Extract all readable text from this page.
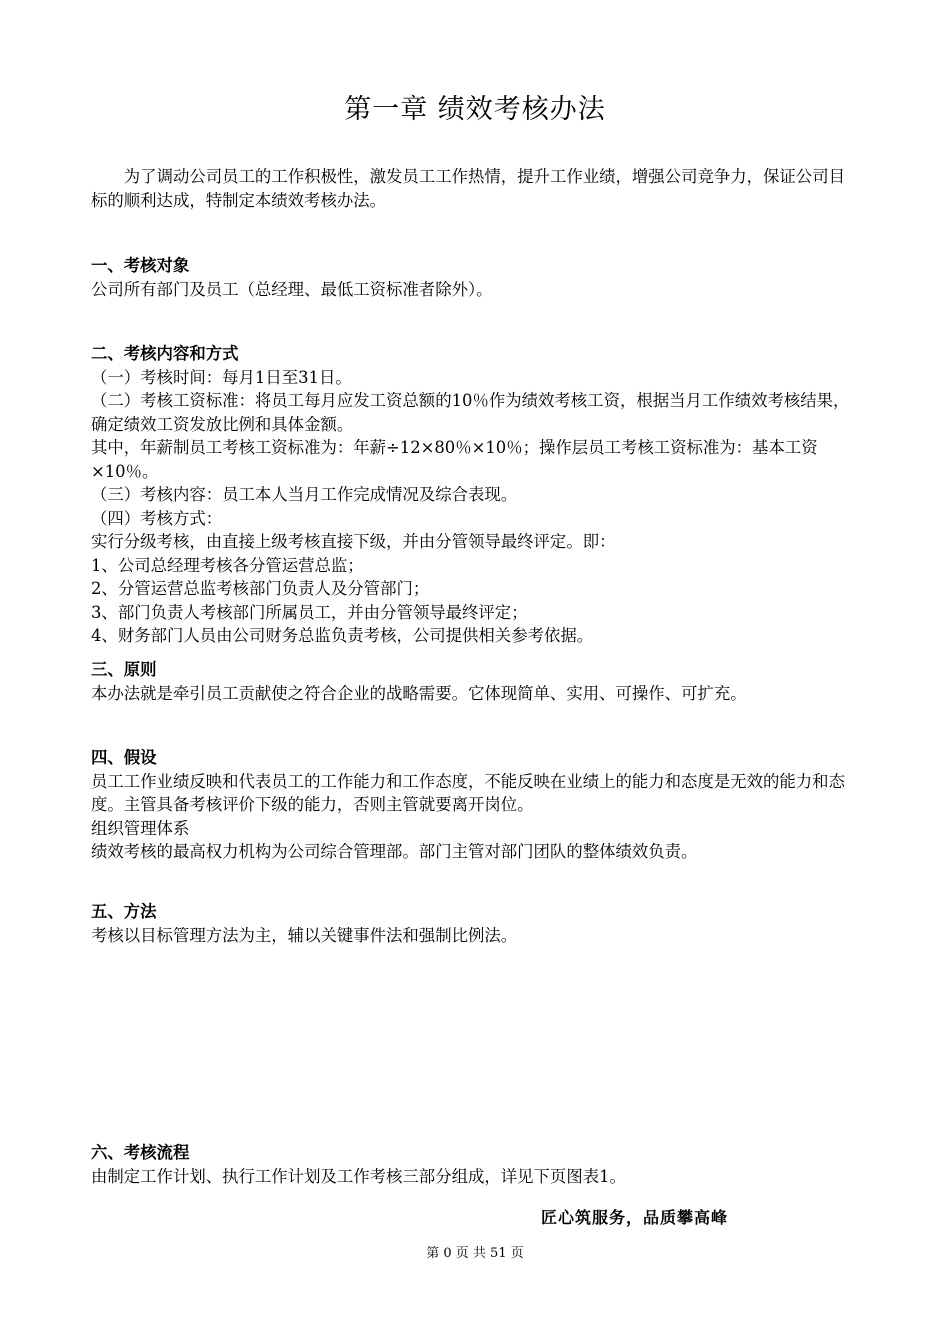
第一章 绩效考核办法

为了调动公司员工的工作积极性，激发员工工作热情，提升工作业绩，增强公司竞争力，保证公司目标的顺利达成，特制定本绩效考核办法。

一、考核对象

公司所有部门及员工（总经理、最低工资标准者除外）。

二、考核内容和方式

（一）考核时间：每月1日至31日。

（二）考核工资标准：将员工每月应发工资总额的10％作为绩效考核工资，根据当月工作绩效考核结果，确定绩效工资发放比例和具体金额。

其中，年薪制员工考核工资标准为：年薪÷12×80％×10％；操作层员工考核工资标准为：基本工资×10％。

（三）考核内容：员工本人当月工作完成情况及综合表现。

（四）考核方式：

实行分级考核，由直接上级考核直接下级，并由分管领导最终评定。即：

1、公司总经理考核各分管运营总监；

2、分管运营总监考核部门负责人及分管部门；

3、部门负责人考核部门所属员工，并由分管领导最终评定；

4、财务部门人员由公司财务总监负责考核，公司提供相关参考依据。

三、原则

本办法就是牵引员工贡献使之符合企业的战略需要。它体现简单、实用、可操作、可扩充。

四、假设

员工工作业绩反映和代表员工的工作能力和工作态度，不能反映在业绩上的能力和态度是无效的能力和态度。主管具备考核评价下级的能力，否则主管就要离开岗位。

组织管理体系

绩效考核的最高权力机构为公司综合管理部。部门主管对部门团队的整体绩效负责。

五、方法

考核以目标管理方法为主，辅以关键事件法和强制比例法。

六、考核流程

由制定工作计划、执行工作计划及工作考核三部分组成，详见下页图表1。

匠心筑服务，品质攀高峰
第 0 页 共 51 页
